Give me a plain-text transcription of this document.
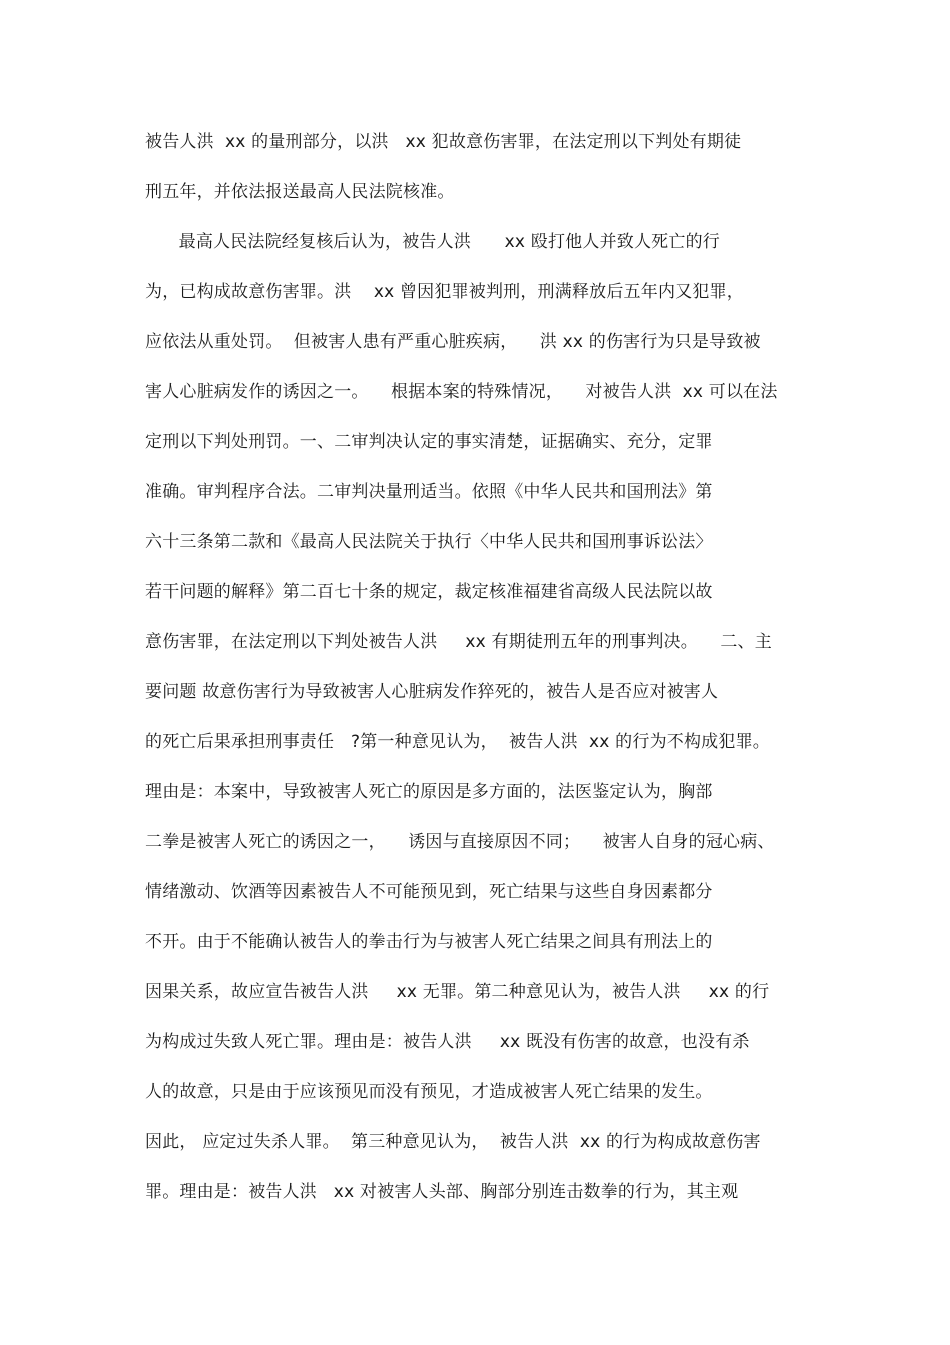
被告人洪  xx 的量刑部分，以洪   xx 犯故意伤害罪，在法定刑以下判处有期徒
刑五年，并依法报送最高人民法院核准。
最高人民法院经复核后认为，被告人洪      xx 殴打他人并致人死亡的行
为，已构成故意伤害罪。洪    xx 曾因犯罪被判刑，刑满释放后五年内又犯罪，
应依法从重处罚。  但被害人患有严重心脏疾病，    洪 xx 的伤害行为只是导致被
害人心脏病发作的诱因之一。    根据本案的特殊情况，    对被告人洪  xx 可以在法
定刑以下判处刑罚。一、二审判决认定的事实清楚，证据确实、充分，定罪
准确。审判程序合法。二审判决量刑适当。依照《中华人民共和国刑法》第
六十三条第二款和《最高人民法院关于执行〈中华人民共和国刑事诉讼法〉
若干问题的解释》第二百七十条的规定，裁定核准福建省高级人民法院以故
意伤害罪，在法定刑以下判处被告人洪     xx 有期徒刑五年的刑事判决。    二、主
要问题 故意伤害行为导致被害人心脏病发作猝死的，被告人是否应对被害人
的死亡后果承担刑事责任   ?第一种意见认为，  被告人洪  xx 的行为不构成犯罪。
理由是：本案中，导致被害人死亡的原因是多方面的，法医鉴定认为，胸部
二拳是被害人死亡的诱因之一，    诱因与直接原因不同；    被害人自身的冠心病、
情绪激动、饮酒等因素被告人不可能预见到，死亡结果与这些自身因素都分
不开。由于不能确认被告人的拳击行为与被害人死亡结果之间具有刑法上的
因果关系，故应宣告被告人洪     xx 无罪。第二种意见认为，被告人洪     xx 的行
为构成过失致人死亡罪。理由是：被告人洪     xx 既没有伤害的故意，也没有杀
人的故意，只是由于应该预见而没有预见，才造成被害人死亡结果的发生。
因此， 应定过失杀人罪。  第三种意见认为，  被告人洪  xx 的行为构成故意伤害
罪。理由是：被告人洪   xx 对被害人头部、胸部分别连击数拳的行为，其主观
